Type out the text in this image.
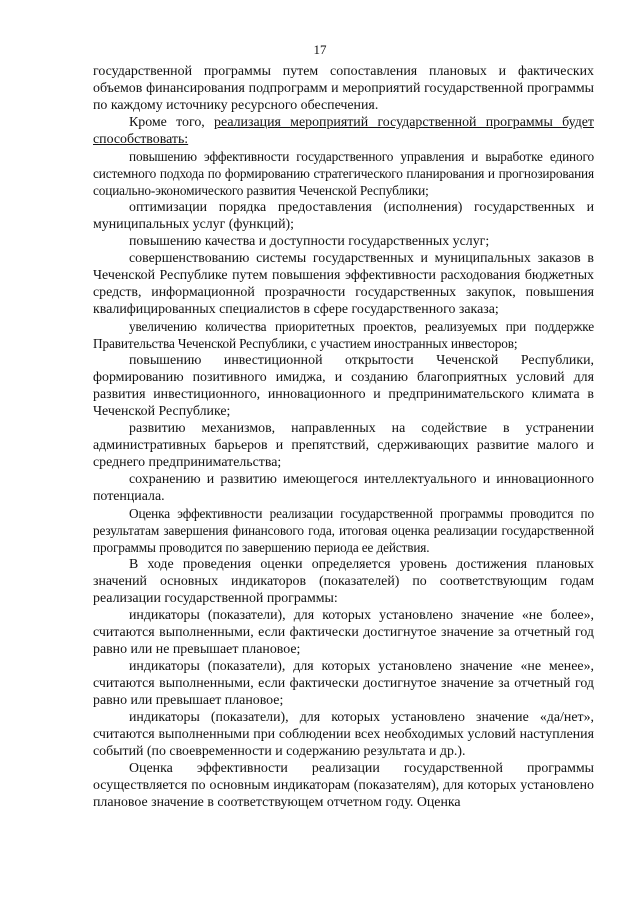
17

государственной программы путем сопоставления плановых и фактических объемов финансирования подпрограмм и мероприятий государственной программы по каждому источнику ресурсного обеспечения.

Кроме того, реализация мероприятий государственной программы будет способствовать:

повышению эффективности государственного управления и выработке единого системного подхода по формированию стратегического планирования и прогнозирования социально-экономического развития Чеченской Республики;

оптимизации порядка предоставления (исполнения) государственных и муниципальных услуг (функций);

повышению качества и доступности государственных услуг;

совершенствованию системы государственных и муниципальных заказов в Чеченской Республике путем повышения эффективности расходования бюджетных средств, информационной прозрачности государственных закупок, повышения квалифицированных специалистов в сфере государственного заказа;

увеличению количества приоритетных проектов, реализуемых при поддержке Правительства Чеченской Республики, с участием иностранных инвесторов;

повышению инвестиционной открытости Чеченской Республики, формированию позитивного имиджа, и созданию благоприятных условий для развития инвестиционного, инновационного и предпринимательского климата в Чеченской Республике;

развитию механизмов, направленных на содействие в устранении административных барьеров и препятствий, сдерживающих развитие малого и среднего предпринимательства;

сохранению и развитию имеющегося интеллектуального и инновационного потенциала.

Оценка эффективности реализации государственной программы проводится по результатам завершения финансового года, итоговая оценка реализации государственной программы проводится по завершению периода ее действия.

В ходе проведения оценки определяется уровень достижения плановых значений основных индикаторов (показателей) по соответствующим годам реализации государственной программы:

индикаторы (показатели), для которых установлено значение «не более», считаются выполненными, если фактически достигнутое значение за отчетный год равно или не превышает плановое;

индикаторы (показатели), для которых установлено значение «не менее», считаются выполненными, если фактически достигнутое значение за отчетный год равно или превышает плановое;

индикаторы (показатели), для которых установлено значение «да/нет», считаются выполненными при соблюдении всех необходимых условий наступления событий (по своевременности и содержанию результата и др.).

Оценка эффективности реализации государственной программы осуществляется по основным индикаторам (показателям), для которых установлено плановое значение в соответствующем отчетном году. Оценка
